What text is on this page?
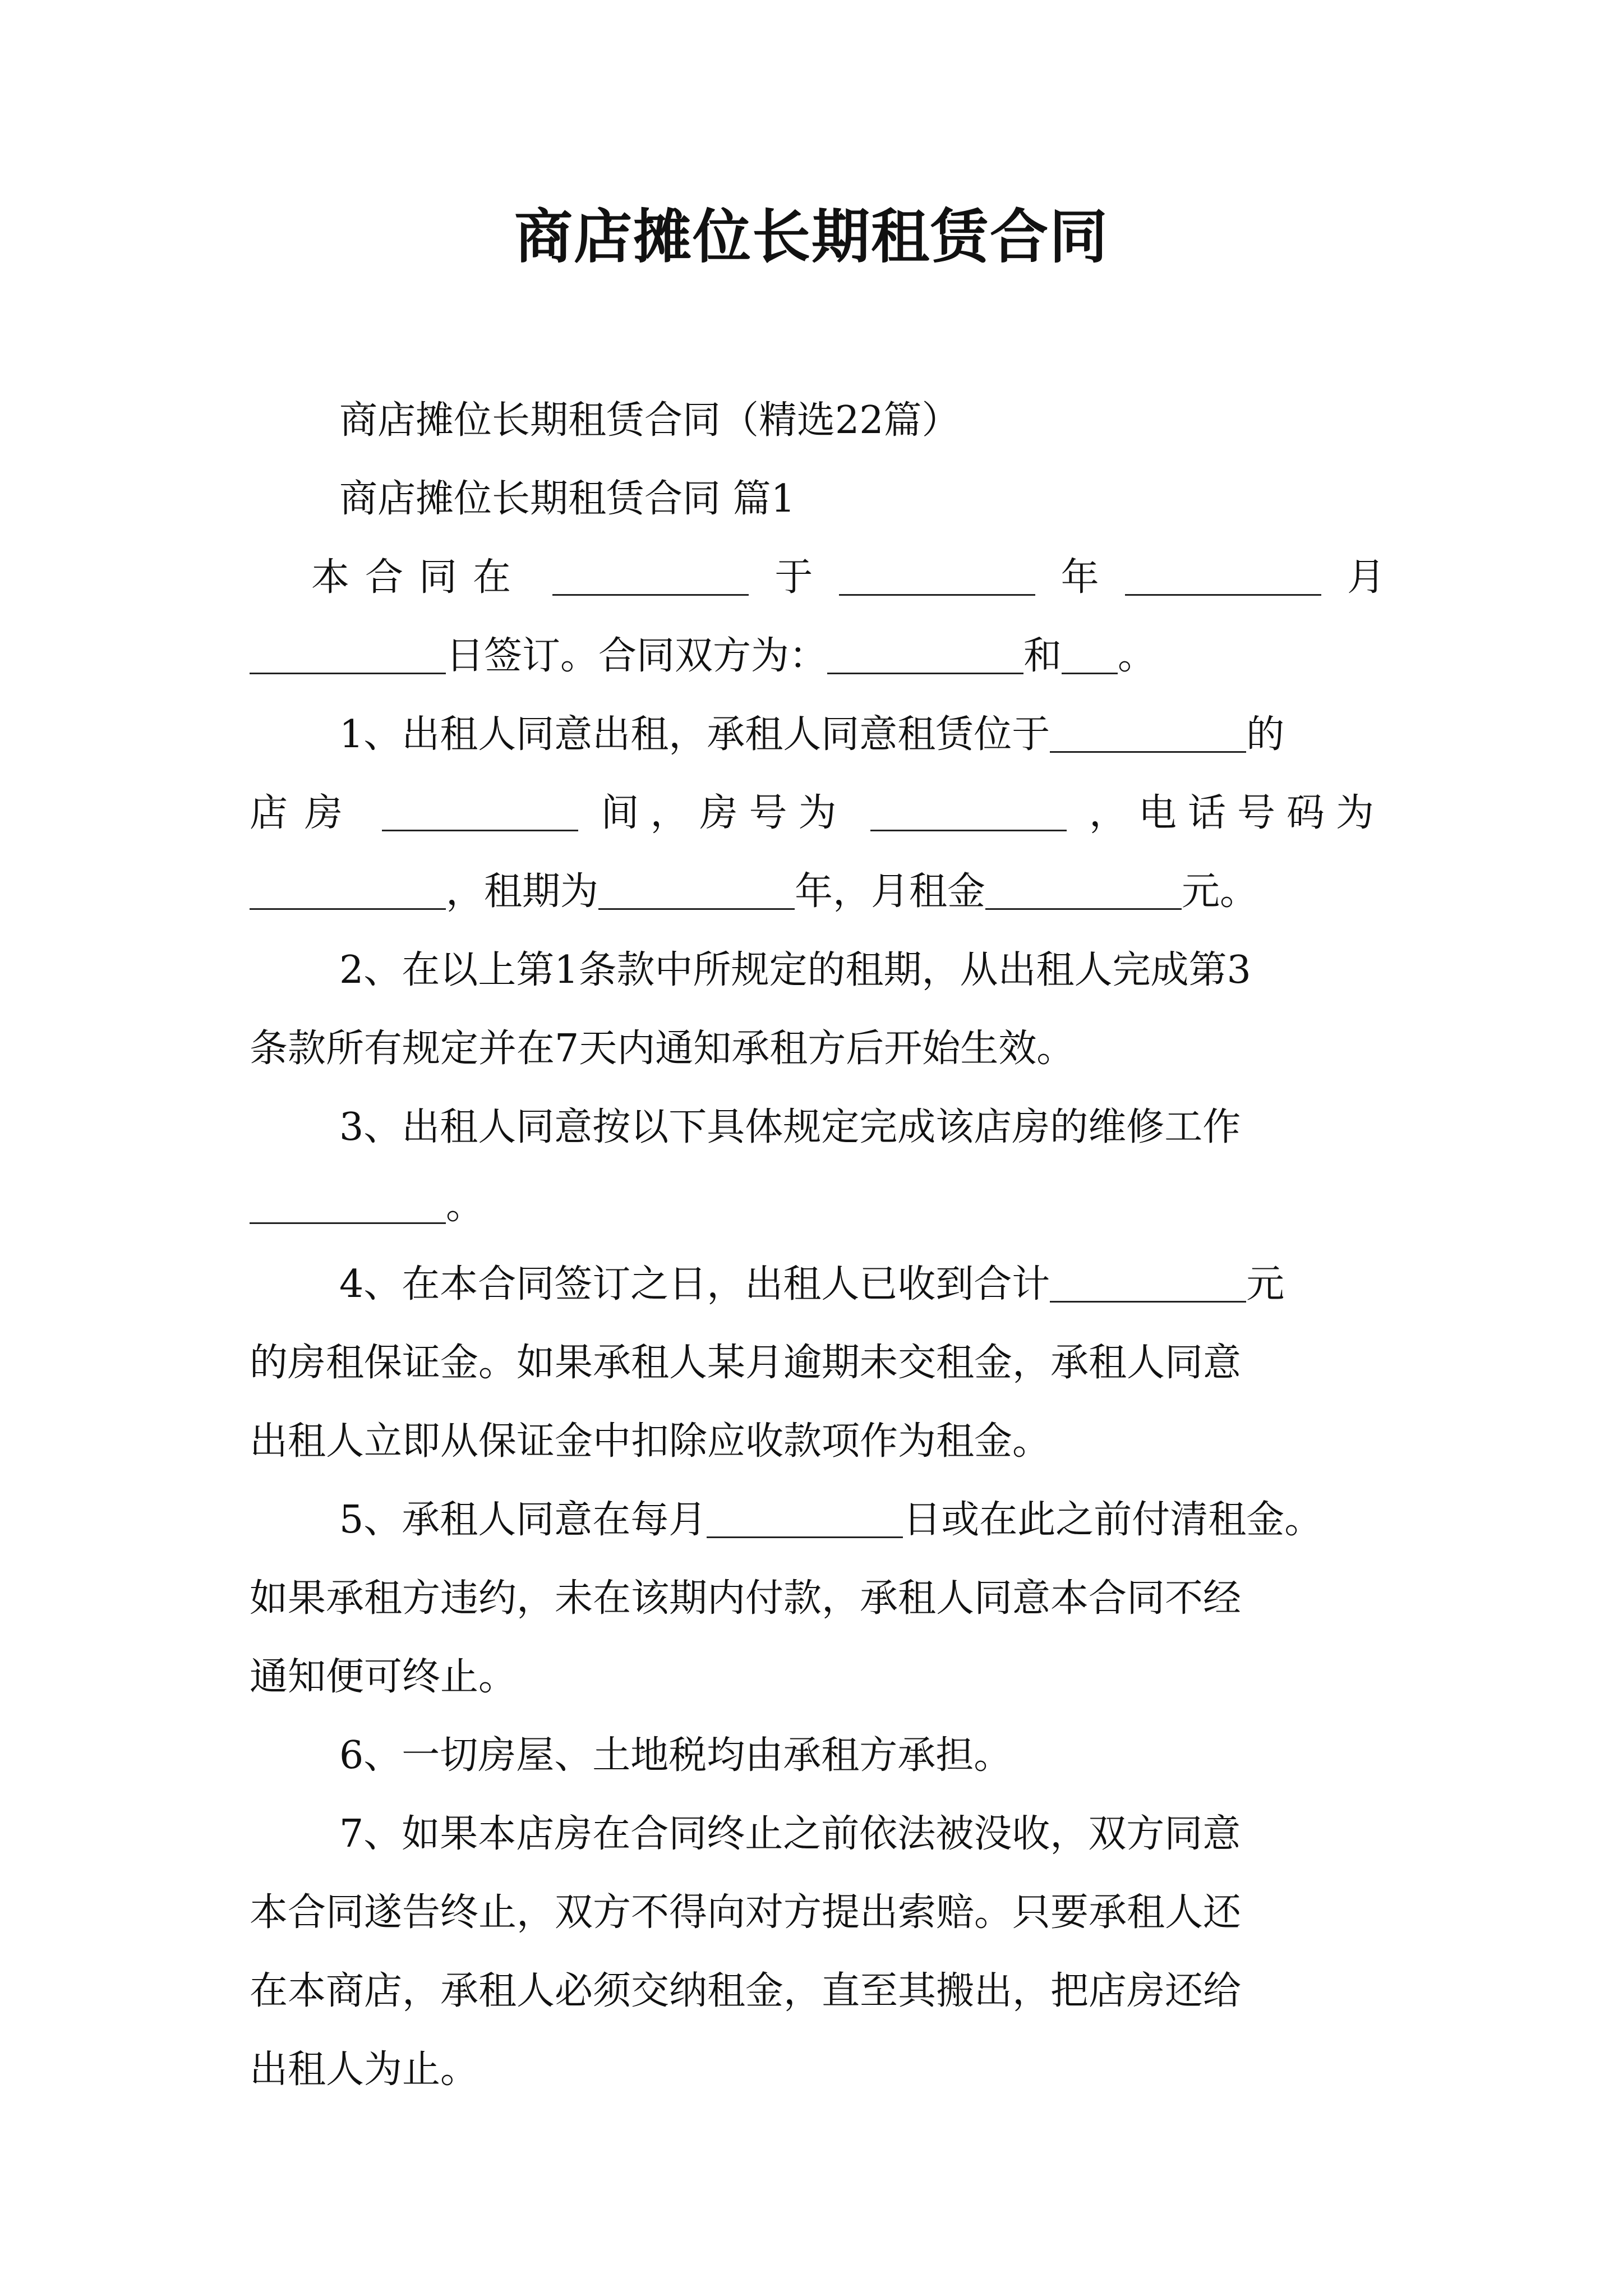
商店摊位长期租赁合同
商店摊位长期租赁合同（精选22篇）
商店摊位长期租赁合同 篇1
本合同在	于	年	月
日签订。合同双方为：	和 。
1、出租人同意出租，承租人同意租赁位于	的
店房	间，房号为	，电话号码为
，租期为	年，月租金	元。
2、在以上第1条款中所规定的租期，从出租人完成第3
条款所有规定并在7天内通知承租方后开始生效。
3、出租人同意按以下具体规定完成该店房的维修工作
。
4、在本合同签订之日，出租人已收到合计	元
的房租保证金。如果承租人某月逾期未交租金，承租人同意
出租人立即从保证金中扣除应收款项作为租金。
5、承租人同意在每月	日或在此之前付清租金。
如果承租方违约，未在该期内付款，承租人同意本合同不经
通知便可终止。
6、一切房屋、土地税均由承租方承担。
7、如果本店房在合同终止之前依法被没收，双方同意
本合同遂告终止，双方不得向对方提出索赔。只要承租人还
在本商店，承租人必须交纳租金，直至其搬出，把店房还给
出租人为止。
